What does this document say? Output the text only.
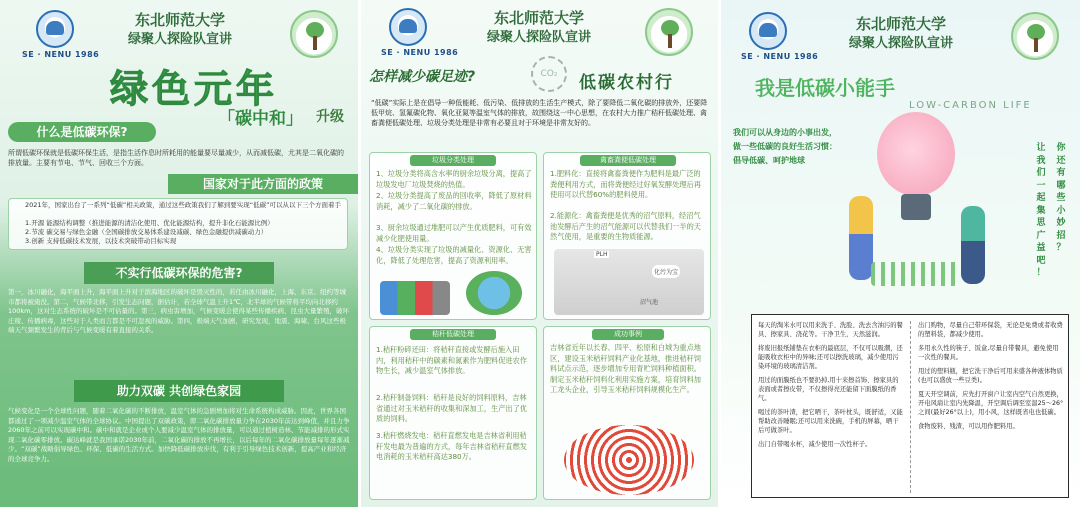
SE · NENU 1986
东北师范大学
绿聚人探险队宣讲
绿色元年
「碳中和」 升级
什么是低碳环保?
所谓低碳环保就是低碳环保生活，是指生活作息时所耗用的能量要尽量减少，从而减低碳，尤其是二氧化碳的排放量。主要有节电、节气、回收三个方面。
国家对于此方面的政策
2021年，国家出台了一系列“低碳”相关政策，通过这些政策我们了解到要实现“低碳”可以从以下三个方面着手
1.开源 能源结构调整（推进能源的清洁化使用、优化能源结构，提升非化石能源比例）
2.节流 碳交易与绿色金融（全国碳排放交易体系建设减碳、绿色金融提供减碳动力）
3.创新 支持低碳技术发展，以技术突破带动目标实现
不实行低碳环保的危害?
第一，冰川融化，海平面上升，海平面上升对于滨海地区的破坏是毁灭性的，若任由冰川融化，上海、东京、纽约等城市都将被淹没。第二，气候带北移，引发生态问题，据估计，若全球气温上升1℃，北半球的气候带将平均向北移约100km，这对生态系统的破坏是不可估量的。第三，病虫害增加，气候变暖会使得某些传播疾病、昆虫大量繁殖，破坏庄稼、传播病毒，这些对于人类而言都是不可忽视的威胁。第四，极端天气加剧，研究发现，地震、海啸、台风这些极端天气频繁发生的背后与气候变暖有着直接的关系。
助力双碳 共创绿色家园
气候变化是一个全球性问题，随着二氧化碳的不断排放，温室气体的急剧增加将对生命系统构成威胁。因此，世界各国都通过了一项减少温室气体的全球协议。中国提出了双碳政策，即二氧化碳排放量力争在2030年前达到峰值，并且力争2060年之前可以实现碳中和。碳中和就是企业或个人要减少温室气体的排放量，可以通过植树造林、节能减排的形式实现二氧化碳零排放。碳达峰就是我国承诺2030年前，二氧化碳的排放不再增长，以后每年的二氧化碳排放量每年逐渐减少。“双碳”战略倡导绿色、环保、低碳的生活方式。加快降低碳排放步伐，有利于引导绿色技术创新，提高产业和经济的全球竞争力。
SE · NENU 1986
东北师范大学
绿聚人探险队宣讲
怎样减少碳足迹?	CO₂	低碳农村行
“低碳”实际上是在倡导一种低能耗、低污染、低排放的生活生产模式，除了要降低二氧化碳的排放外，还要降低甲烷、氢氟碳化物、氧化亚氮等温室气体的排放，故围绕这一中心思想，在农村大力推广秸秆低碳处理、禽畜粪便低碳处理、垃圾分类处理是非常有必要且对于环境是非常友好的。
垃圾分类处理
1、垃圾分类将高含水率的厨余垃圾分离，提高了垃圾发电厂垃圾焚烧的热值。
2、垃圾分类提高了废品的回收率，降低了原材料消耗，减少了二氧化碳的排放。
3、厨余垃圾通过堆肥可以产生优质肥料，可有效减少化肥使用量。
4、垃圾分类实现了垃圾的减量化、资源化、无害化，降低了处理危害，提高了资源利用率。
禽畜粪便低碳处理
1.肥料化：直接将禽畜粪便作为肥料是最广泛的粪便利用方式，而将粪便经过好氧发酵处理后再使用可以代替60%的肥料使用。
2.能源化：禽畜粪便是优秀的沼气原料，经沼气池发酵后产生的沼气能源可以代替我们一半的天然气使用，是重要的生物质能源。
PLH
化污为宝
沼气池
秸秆低碳处理
1.秸秆粉碎还田：将秸秆直接或发酵后施入田内，利用秸秆中的碳素和氮素作为肥料促进农作物生长，减少温室气体排放。
2.秸秆制备饲料：秸秆是良好的饲料原料，吉林省通过对玉米秸秆的收集和深加工，生产出了优质的饲料。
3.秸秆燃烧发电：秸秆直燃发电是吉林省利用秸秆发电最为普遍的方式，每年吉林省秸秆直燃发电消耗的玉米秸秆高达380万。
成功事例
吉林省近年以长春、四平、松原和白城为重点地区，建设玉米秸秆饲料产业化基地，推进秸秆饲料试点示范，逐步增加专用青贮饲料种植面积。制定玉米秸秆饲料化利用实施方案，培育饲料加工龙头企业，引导玉米秸秆饲料规模化生产。
SE · NENU 1986
东北师范大学
绿聚人探险队宣讲
我是低碳小能手
LOW-CARBON LIFE
我们可以从身边的小事出发，
做一些低碳的良好生活习惯：
倡导低碳、呵护地球
让
我
们
一
起
集
思
广
益
吧
！
你
还
有
哪
些
小
妙
招
？
每天的淘米水可以用来洗手、洗脸、洗去含油污的餐具、擦家具、浇花等。干净卫生，天然滋润。
将废旧报纸铺垫在衣柜的最底层，不仅可以吸潮，还能吸收衣柜中的异味;还可以擦洗玻璃，减少使用污染环境的玻璃清洁剂。
用过的面膜纸也不要扔掉,用十来擦首饰、擦家具的表面或者擦皮带，不仅擦得亮还能留下面膜纸的香气。
喝过的茶叶渣，把它晒干，茶叶枕头，既舒适，又能帮助改善睡眠;还可以用来洗碗，手机的屏幕，晒干后可做茶叶。
出门自带喝水杯，减少使用一次性杯子。
出门购物，尽量自己带环保袋，无论是免费或者收费的塑料袋，都减少使用。
多用永久性的筷子、饭盒,尽量自带餐具，避免使用一次性的餐具。
用过的塑料瓶，把它洗干净后可用来盛各种液体物质(也可以盛放一些豆类)。
夏天开空调前，应先打开窗户让室内空气自然更换，开电风扇让室内先降温，开空调后调至室温25～26°之间(最好26°以上)，用小风，这样既省电也低碳。
食物废料、残渣，可以用作肥料用。
